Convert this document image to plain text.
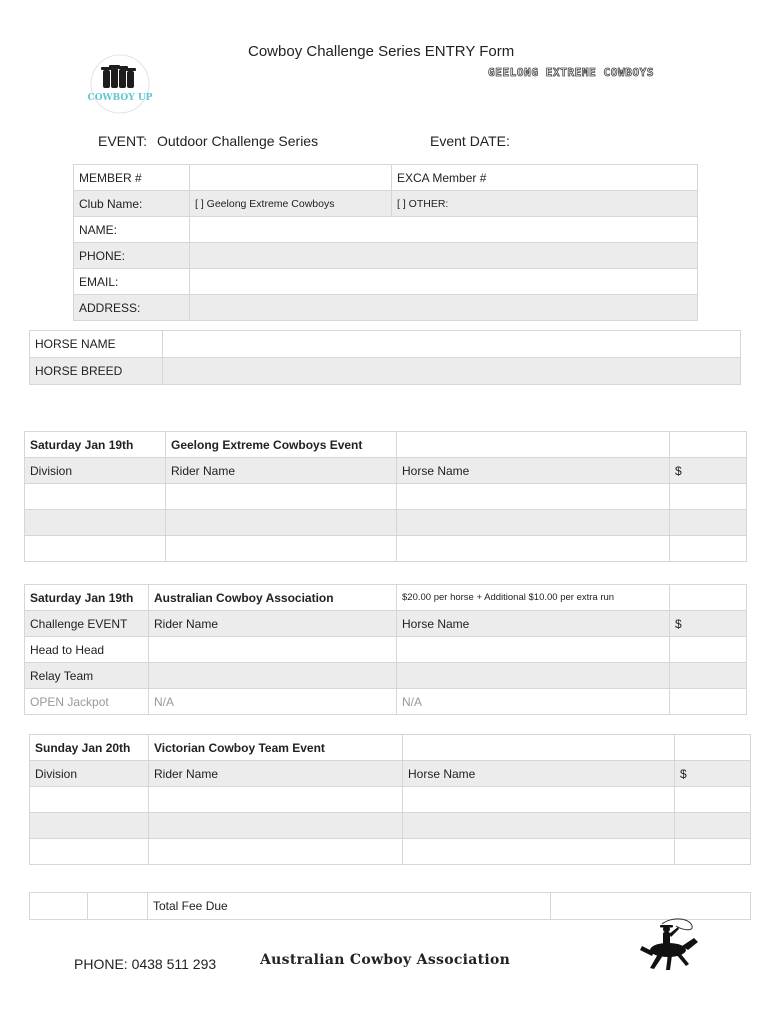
Cowboy Challenge Series ENTRY Form
GEELONG EXTREME COWBOYS
COWBOY UP
EVENT: Outdoor Challenge Series	Event DATE:
MEMBER #		EXCA Member #
Club Name:	[ ] Geelong Extreme Cowboys	[ ] OTHER:
NAME:		
PHONE:		
EMAIL:		
ADDRESS:		
HORSE NAME	
HORSE BREED	
Saturday Jan 19th	Geelong Extreme Cowboys Event		
Division	Rider Name	Horse Name	$

Saturday Jan 19th	Australian Cowboy Association	$20.00 per horse + Additional $10.00 per extra run	
Challenge EVENT	Rider Name	Horse Name	$
Head to Head			
Relay Team			
OPEN Jackpot	N/A	N/A	
Sunday Jan 20th	Victorian Cowboy Team Event		
Division	Rider Name	Horse Name	$

		Total Fee Due	
PHONE: 0438 511 293	Australian Cowboy Association
